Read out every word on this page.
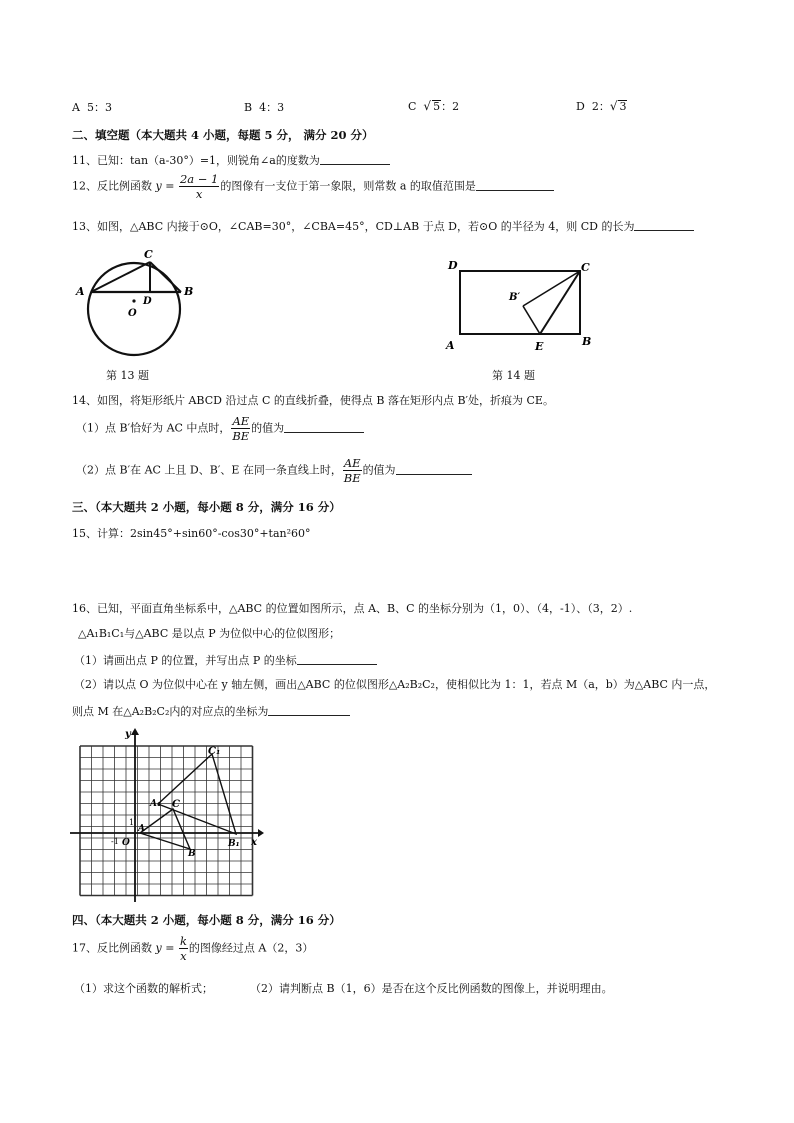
A 5：3	B 4：3	C √ 5：2	D 2：√ 3
二、填空题（本大题共 4 小题，每题 5 分， 满分 20 分）
11、已知：tan（a-30°）=1，则锐角∠a的度数为
12、反比例函数 $y = \frac{2a - 1}{x}$ 的图像有一支位于第一象限，则常数 a 的取值范围是
13、如图，△ABC 内接于⊙O，∠CAB=30°，∠CBA=45°，CD⊥AB 于点 D，若⊙O 的半径为 4，则 CD 的长为
A	B
C
D
O
第 13 题
D	C
A	B
E
B′
第 14 题
14、如图，将矩形纸片 ABCD 沿过点 C 的直线折叠，使得点 B 落在矩形内点 B′处，折痕为 CE。
（1）点 B′恰好为 AC 中点时， $\frac{AE}{BE}$ 的值为
（2）点 B′在 AC 上且 D、B′、E 在同一条直线上时， $\frac{AE}{BE}$ 的值为
三、（本大题共 2 小题，每小题 8 分，满分 16 分）
15、计算：2sin45°+sin60°-cos30°+tan²60°
16、已知，平面直角坐标系中，△ABC 的位置如图所示，点 A、B、C 的坐标分别为（1，0）、（4，-1）、（3，2）.
△A₁B₁C₁与△ABC 是以点 P 为位似中心的位似图形；
（1）请画出点 P 的位置，并写出点 P 的坐标
（2）请以点 O 为位似中心在 y 轴左侧，画出△ABC 的位似图形△A₂B₂C₂，使相似比为 1：1，若点 M（a，b）为△ABC 内一点，
则点 M 在△A₂B₂C₂内的对应点的坐标为
y
x
O
1
-1
A
B
C
A₁
B₁
C₁
四、（本大题共 2 小题，每小题 8 分，满分 16 分）
17、反比例函数 $y = \frac{k}{x}$ 的图像经过点 A（2，3）
（1）求这个函数的解析式；	（2）请判断点 B（1，6）是否在这个反比例函数的图像上，并说明理由。
